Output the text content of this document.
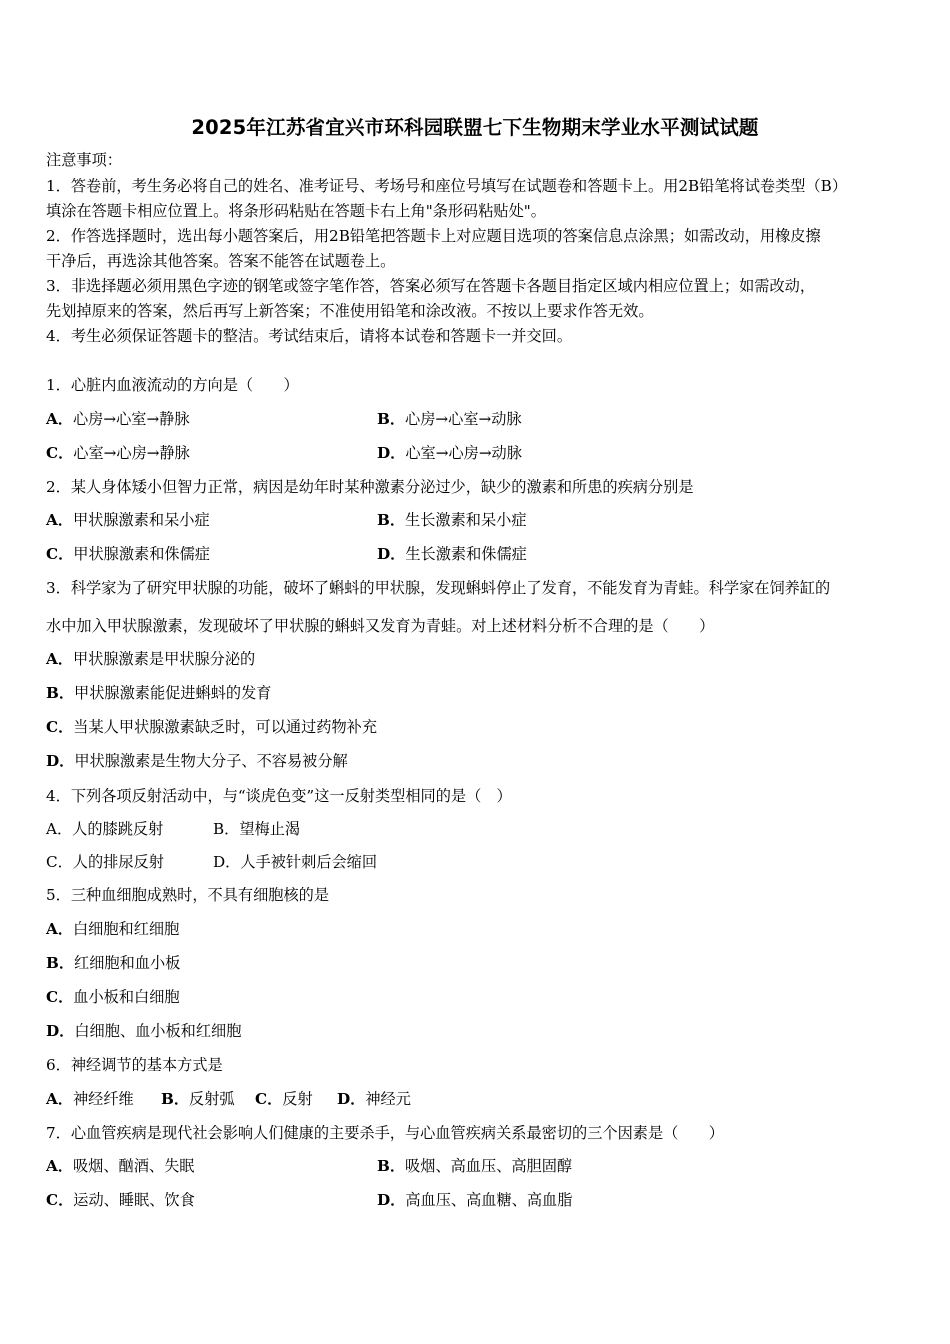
2025年江苏省宜兴市环科园联盟七下生物期末学业水平测试试题
注意事项：
1．答卷前，考生务必将自己的姓名、准考证号、考场号和座位号填写在试题卷和答题卡上。用2B铅笔将试卷类型（B）
填涂在答题卡相应位置上。将条形码粘贴在答题卡右上角"条形码粘贴处"。
2．作答选择题时，选出每小题答案后，用2B铅笔把答题卡上对应题目选项的答案信息点涂黑；如需改动，用橡皮擦
干净后，再选涂其他答案。答案不能答在试题卷上。
3．非选择题必须用黑色字迹的钢笔或签字笔作答，答案必须写在答题卡各题目指定区域内相应位置上；如需改动，
先划掉原来的答案，然后再写上新答案；不准使用铅笔和涂改液。不按以上要求作答无效。
4．考生必须保证答题卡的整洁。考试结束后，请将本试卷和答题卡一并交回。
1．心脏内血液流动的方向是（　　）
A．心房→心室→静脉	B．心房→心室→动脉
C．心室→心房→静脉	D．心室→心房→动脉
2．某人身体矮小但智力正常，病因是幼年时某种激素分泌过少，缺少的激素和所患的疾病分别是
A．甲状腺激素和呆小症	B．生长激素和呆小症
C．甲状腺激素和侏儒症	D．生长激素和侏儒症
3．科学家为了研究甲状腺的功能，破坏了蝌蚪的甲状腺，发现蝌蚪停止了发育，不能发育为青蛙。科学家在饲养缸的
水中加入甲状腺激素，发现破坏了甲状腺的蝌蚪又发育为青蛙。对上述材料分析不合理的是（　　）
A．甲状腺激素是甲状腺分泌的
B．甲状腺激素能促进蝌蚪的发育
C．当某人甲状腺激素缺乏时，可以通过药物补充
D．甲状腺激素是生物大分子、不容易被分解
4．下列各项反射活动中，与“谈虎色变”这一反射类型相同的是（　）
A．人的膝跳反射	B．望梅止渴
C．人的排尿反射	D．人手被针刺后会缩回
5．三种血细胞成熟时，不具有细胞核的是
A．白细胞和红细胞
B．红细胞和血小板
C．血小板和白细胞
D．白细胞、血小板和红细胞
6．神经调节的基本方式是
A．神经纤维 B．反射弧 C．反射 D．神经元
7．心血管疾病是现代社会影响人们健康的主要杀手，与心血管疾病关系最密切的三个因素是（　　）
A．吸烟、酗酒、失眠	B．吸烟、高血压、高胆固醇
C．运动、睡眠、饮食	D．高血压、高血糖、高血脂
